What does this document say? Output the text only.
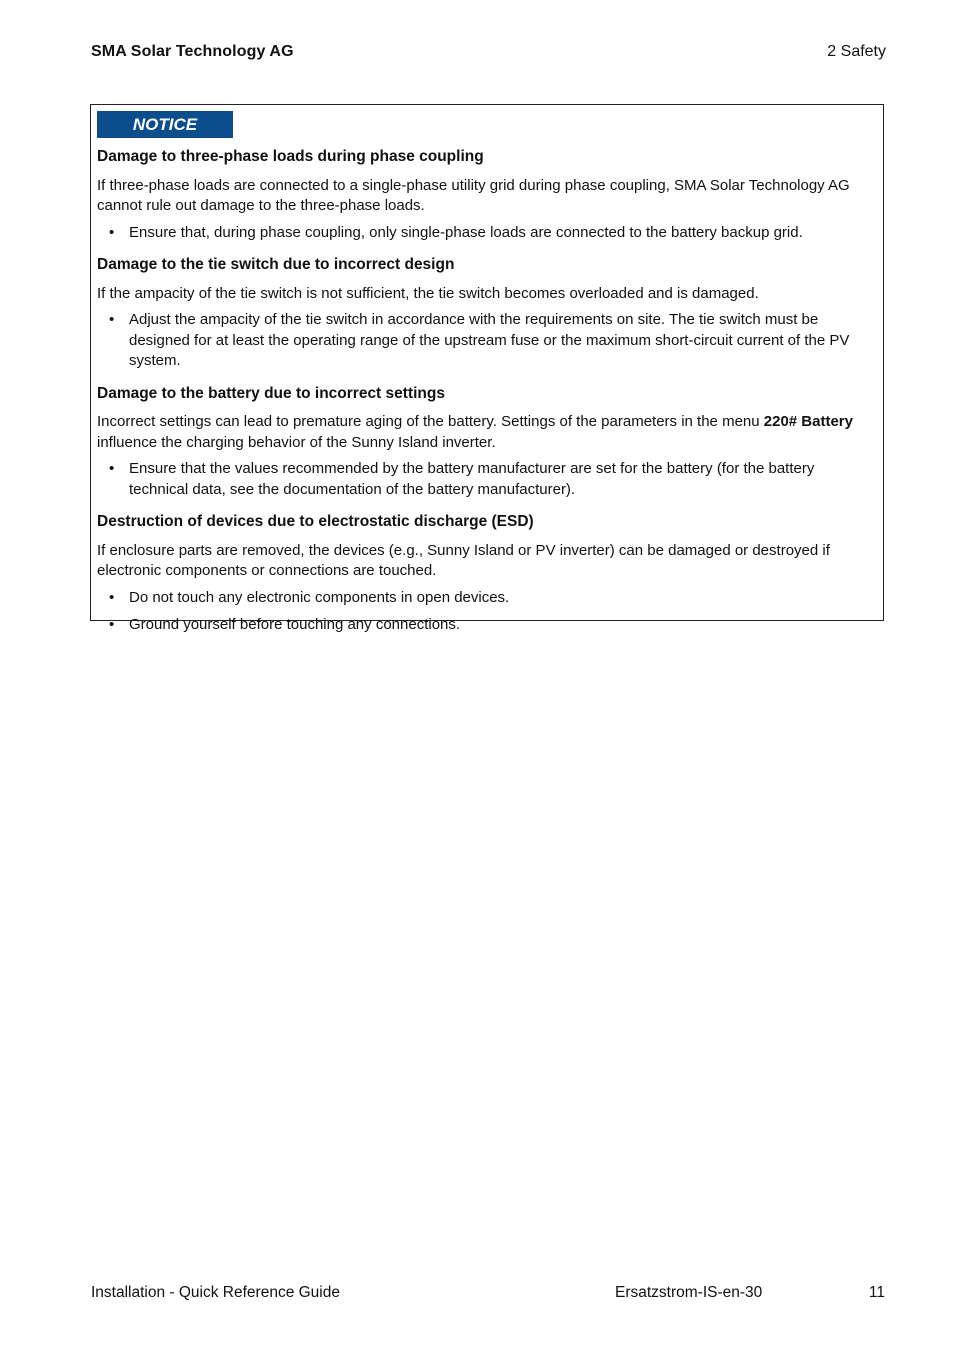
SMA Solar Technology AG	2 Safety
NOTICE
Damage to three-phase loads during phase coupling

If three-phase loads are connected to a single-phase utility grid during phase coupling, SMA Solar Technology AG cannot rule out damage to the three-phase loads.

• Ensure that, during phase coupling, only single-phase loads are connected to the battery backup grid.
Damage to the tie switch due to incorrect design

If the ampacity of the tie switch is not sufficient, the tie switch becomes overloaded and is damaged.

• Adjust the ampacity of the tie switch in accordance with the requirements on site. The tie switch must be designed for at least the operating range of the upstream fuse or the maximum short-circuit current of the PV system.
Damage to the battery due to incorrect settings

Incorrect settings can lead to premature aging of the battery. Settings of the parameters in the menu 220# Battery influence the charging behavior of the Sunny Island inverter.

• Ensure that the values recommended by the battery manufacturer are set for the battery (for the battery technical data, see the documentation of the battery manufacturer).
Destruction of devices due to electrostatic discharge (ESD)

If enclosure parts are removed, the devices (e.g., Sunny Island or PV inverter) can be damaged or destroyed if electronic components or connections are touched.

• Do not touch any electronic components in open devices.
• Ground yourself before touching any connections.
Installation - Quick Reference Guide	Ersatzstrom-IS-en-30	11
